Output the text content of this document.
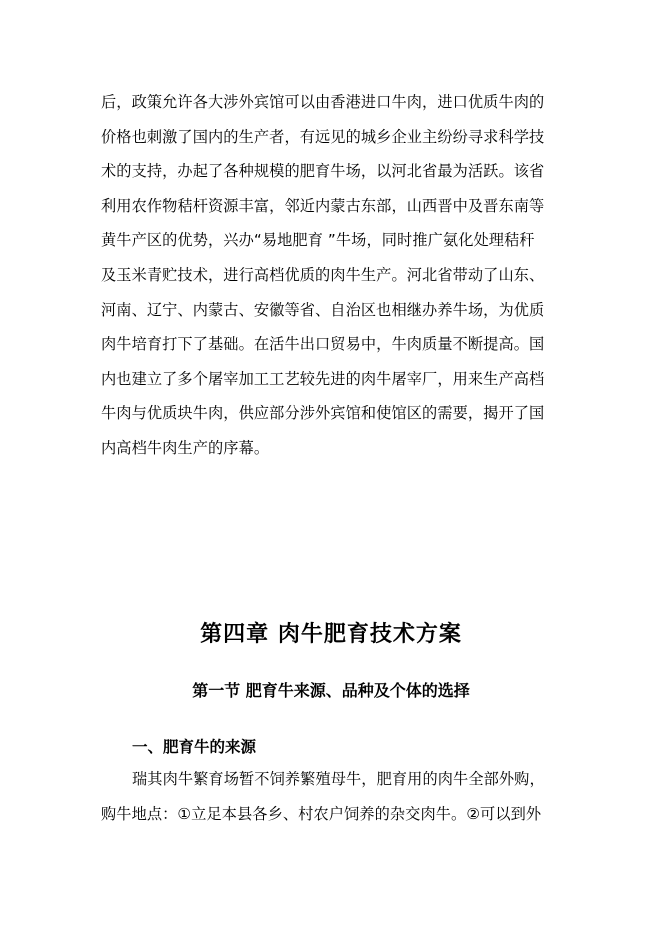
后，政策允许各大涉外宾馆可以由香港进口牛肉，进口优质牛肉的
价格也刺激了国内的生产者，有远见的城乡企业主纷纷寻求科学技
术的支持，办起了各种规模的肥育牛场，以河北省最为活跃。该省
利用农作物秸杆资源丰富，邻近内蒙古东部，山西晋中及晋东南等
黄牛产区的优势，兴办“易地肥育 ”牛场，同时推广氨化处理秸秆
及玉米青贮技术，进行高档优质的肉牛生产。河北省带动了山东、
河南、辽宁、内蒙古、安徽等省、自治区也相继办养牛场，为优质
肉牛培育打下了基础。在活牛出口贸易中，牛肉质量不断提高。国
内也建立了多个屠宰加工工艺较先进的肉牛屠宰厂，用来生产高档
牛肉与优质块牛肉，供应部分涉外宾馆和使馆区的需要，揭开了国
内高档牛肉生产的序幕。
第四章 肉牛肥育技术方案
第一节 肥育牛来源、品种及个体的选择
一、肥育牛的来源
瑞其肉牛繁育场暂不饲养繁殖母牛，肥育用的肉牛全部外购，
购牛地点：①立足本县各乡、村农户饲养的杂交肉牛。②可以到外
